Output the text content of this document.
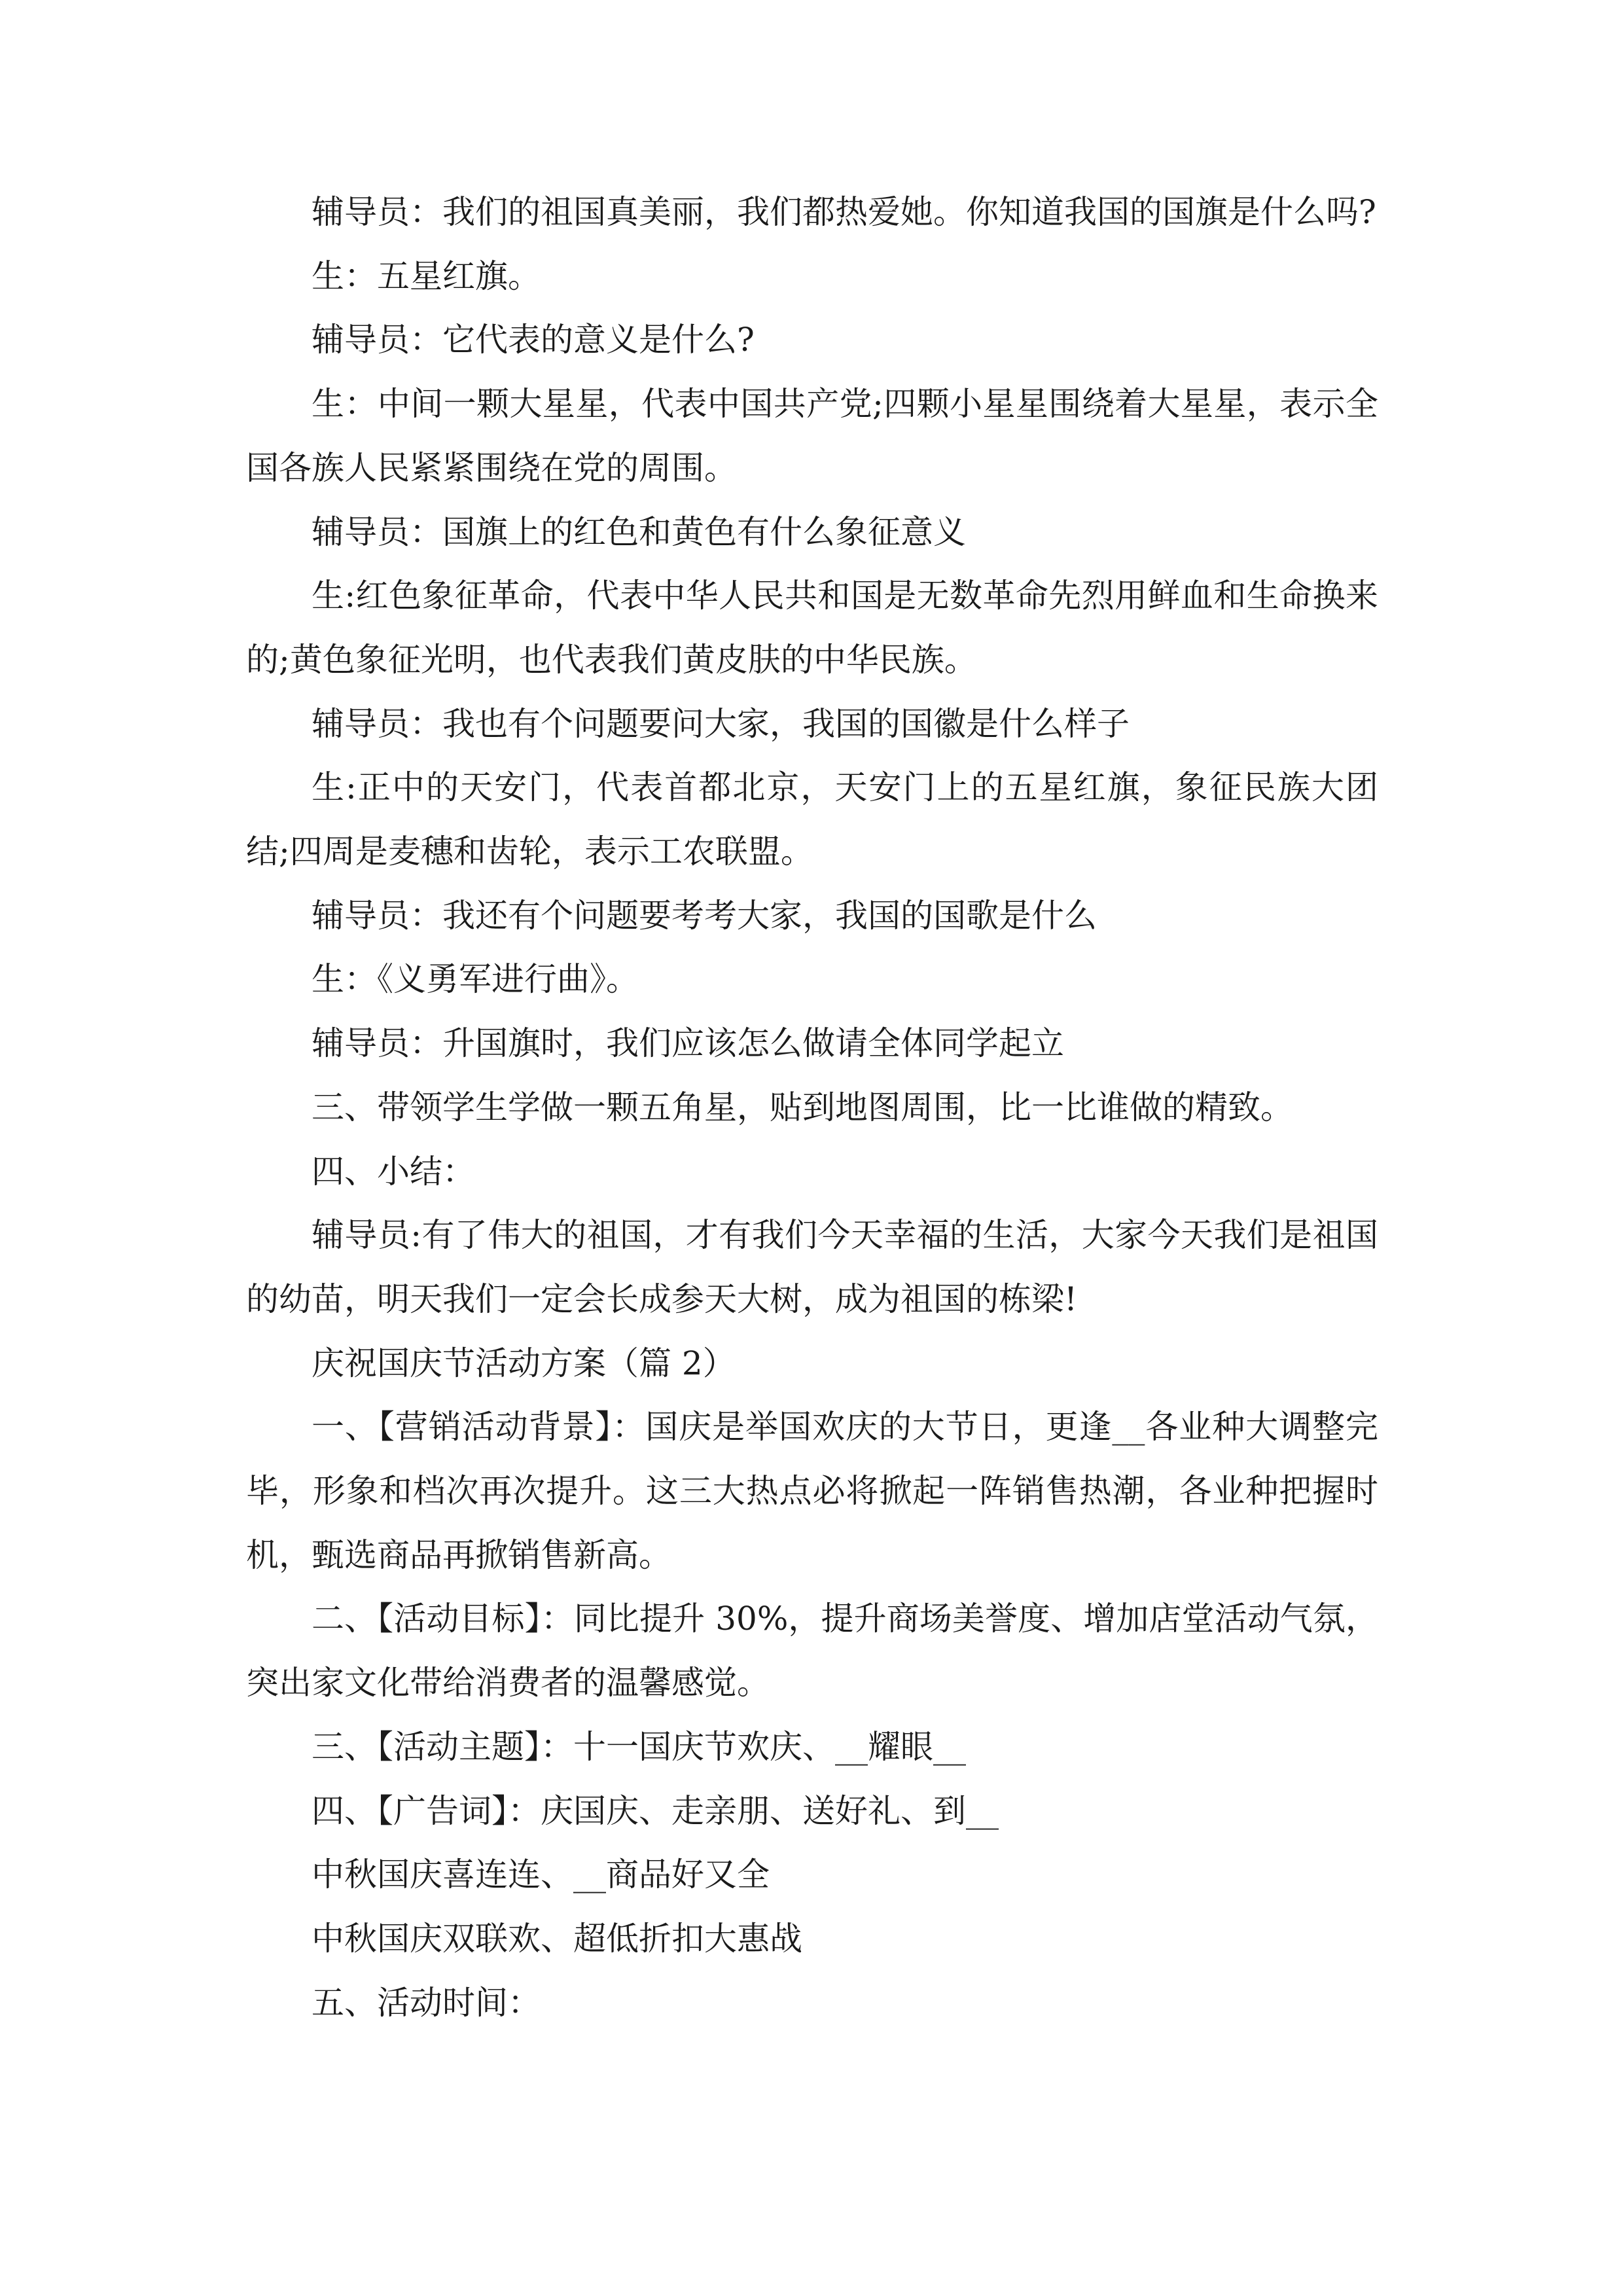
辅导员：我们的祖国真美丽，我们都热爱她。你知道我国的国旗是什么吗?

生：五星红旗。

辅导员：它代表的意义是什么?

生：中间一颗大星星，代表中国共产党;四颗小星星围绕着大星星，表示全国各族人民紧紧围绕在党的周围。

辅导员：国旗上的红色和黄色有什么象征意义

生:红色象征革命，代表中华人民共和国是无数革命先烈用鲜血和生命换来的;黄色象征光明，也代表我们黄皮肤的中华民族。

辅导员：我也有个问题要问大家，我国的国徽是什么样子

生:正中的天安门，代表首都北京，天安门上的五星红旗，象征民族大团结;四周是麦穗和齿轮，表示工农联盟。

辅导员：我还有个问题要考考大家，我国的国歌是什么

生：《义勇军进行曲》。

辅导员：升国旗时，我们应该怎么做请全体同学起立

三、带领学生学做一颗五角星，贴到地图周围，比一比谁做的精致。

四、小结：

辅导员:有了伟大的祖国，才有我们今天幸福的生活，大家今天我们是祖国的幼苗，明天我们一定会长成参天大树，成为祖国的栋梁!

庆祝国庆节活动方案（篇 2）

一、【营销活动背景】：国庆是举国欢庆的大节日，更逢__各业种大调整完毕，形象和档次再次提升。这三大热点必将掀起一阵销售热潮，各业种把握时机，甄选商品再掀销售新高。

二、【活动目标】：同比提升 30%，提升商场美誉度、增加店堂活动气氛，突出家文化带给消费者的温馨感觉。

三、【活动主题】：十一国庆节欢庆、__耀眼__

四、【广告词】：庆国庆、走亲朋、送好礼、到__

中秋国庆喜连连、__商品好又全

中秋国庆双联欢、超低折扣大惠战

五、活动时间：
